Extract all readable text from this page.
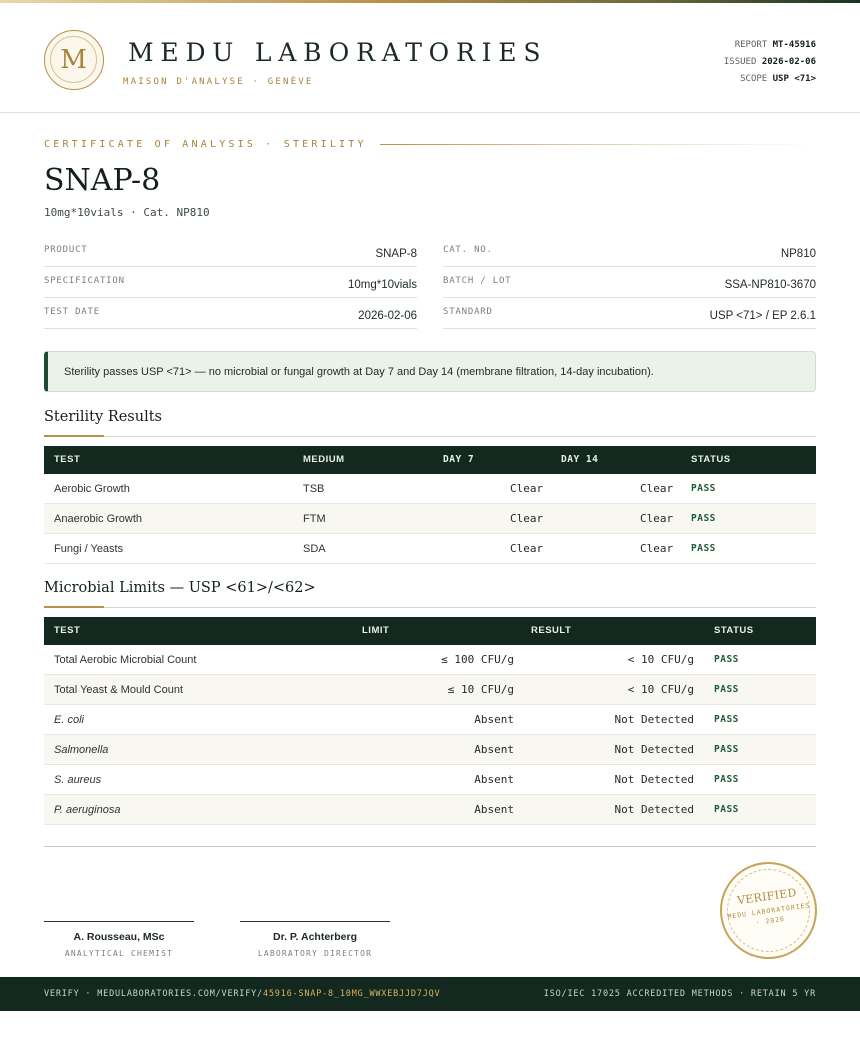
M	MEDU LABORATORIES
MAISON D'ANALYSE · GENÈVE
REPORT MT-45916
ISSUED 2026-02-06
SCOPE USP <71>
CERTIFICATE OF ANALYSIS · STERILITY
SNAP-8
10mg*10vials · Cat. NP810
PRODUCT	SNAP-8
SPECIFICATION	10mg*10vials
TEST DATE	2026-02-06
CAT. NO.	NP810
BATCH / LOT	SSA-NP810-3670
STANDARD	USP <71> / EP 2.6.1
Sterility passes USP <71> — no microbial or fungal growth at Day 7 and Day 14 (membrane filtration, 14-day incubation).
Sterility Results
TEST	MEDIUM	DAY 7	DAY 14	STATUS
Aerobic Growth	TSB	Clear	Clear PASS
Anaerobic Growth	FTM	Clear	Clear PASS
Fungi / Yeasts	SDA	Clear	Clear PASS
Microbial Limits — USP <61>/<62>
TEST	LIMIT	RESULT	STATUS
Total Aerobic Microbial Count	≤ 100 CFU/g	< 10 CFU/g PASS
Total Yeast & Mould Count	≤ 10 CFU/g	< 10 CFU/g PASS
E. coli	Absent	Not Detected PASS
Salmonella	Absent	Not Detected PASS
S. aureus	Absent	Not Detected PASS
P. aeruginosa	Absent	Not Detected PASS
A. Rousseau, MSc
ANALYTICAL CHEMIST
Dr. P. Achterberg
LABORATORY DIRECTOR
VERIFIED
MEDU LABORATORIES · 2026
VERIFY · MEDULABORATORIES.COM/VERIFY/45916-SNAP-8_10MG_WWXEBJJD7JQV	ISO/IEC 17025 ACCREDITED METHODS · RETAIN 5 YR
